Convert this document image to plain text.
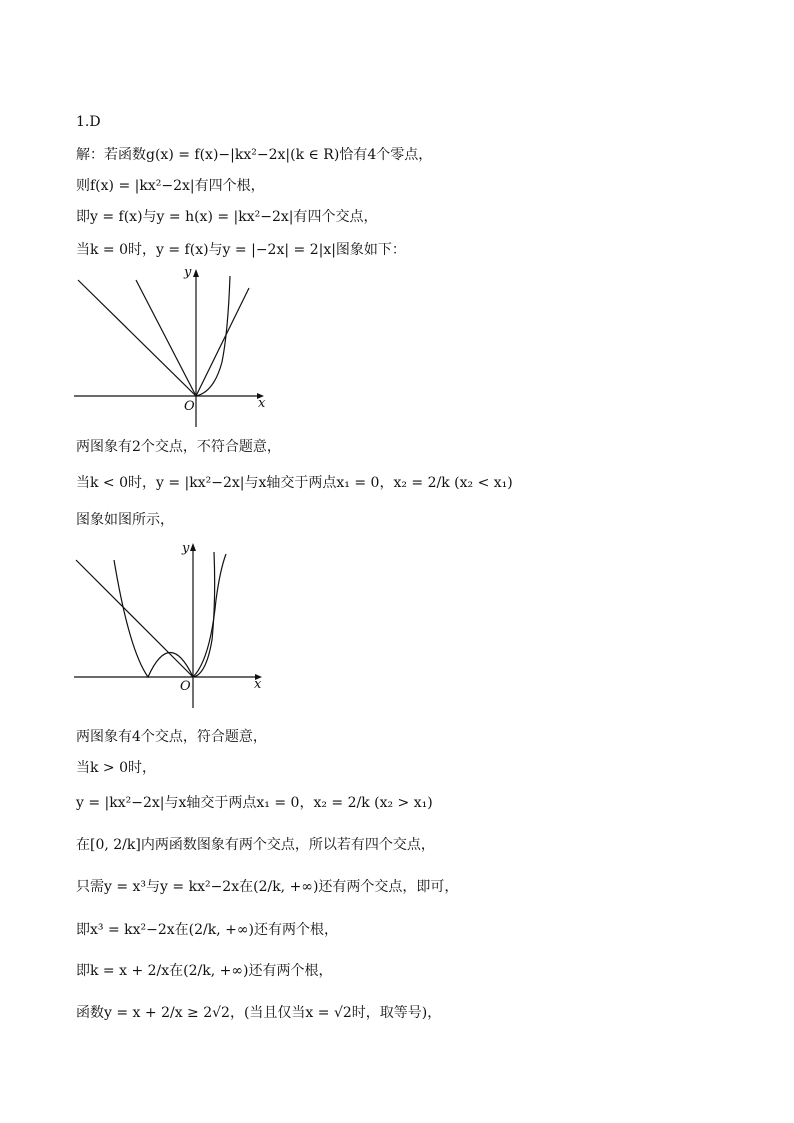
1.D
解：若函数g(x) = f(x)−|kx²−2x|(k ∈ R)恰有4个零点，
则f(x) = |kx²−2x|有四个根，
即y = f(x)与y = h(x) = |kx²−2x|有四个交点，
当k = 0时，y = f(x)与y = |−2x| = 2|x|图象如下：
O	x
y
两图象有2个交点，不符合题意，
当k < 0时，y = |kx²−2x|与x轴交于两点x₁ = 0，x₂ = 2/k (x₂ < x₁)
图象如图所示，
O	x
y
两图象有4个交点，符合题意，
当k > 0时，
y = |kx²−2x|与x轴交于两点x₁ = 0，x₂ = 2/k (x₂ > x₁)
在[0, 2/k]内两函数图象有两个交点，所以若有四个交点，
只需y = x³与y = kx²−2x在(2/k, +∞)还有两个交点，即可，
即x³ = kx²−2x在(2/k, +∞)还有两个根，
即k = x + 2/x在(2/k, +∞)还有两个根，
函数y = x + 2/x ≥ 2√2，(当且仅当x = √2时，取等号)，
